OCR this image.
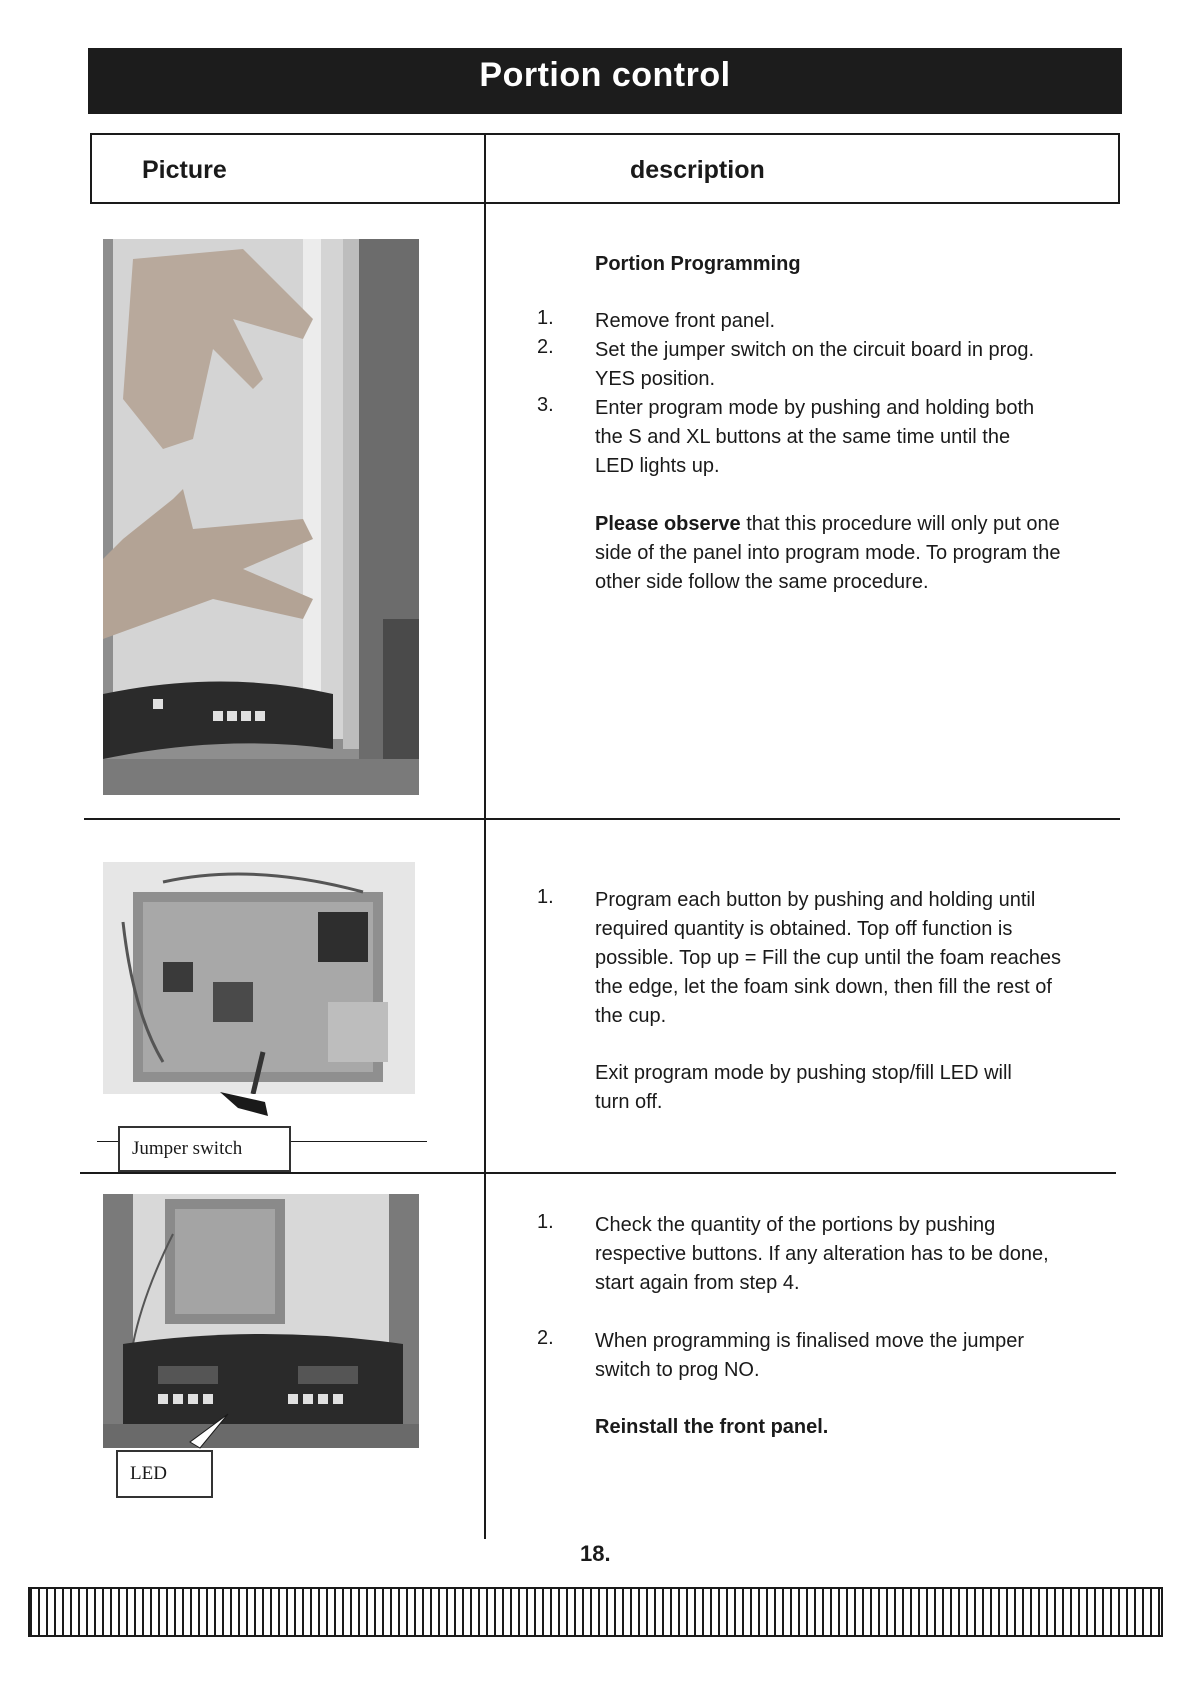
Portion control
Picture	description
Jumper switch
LED
Portion Programming
1. Remove front panel.
2. Set the jumper switch on the circuit board in prog.
YES position.
3. Enter program mode by pushing and holding both
the S and XL buttons at the same time until the
LED lights up.
Please observe that this procedure will only put one
side of the panel into program mode. To program the
other side follow the same procedure.
1. Program each button by pushing and holding until
required quantity is obtained. Top off function is
possible. Top up = Fill the cup until the foam reaches
the edge, let the foam sink down, then fill the rest of
the cup.
Exit program mode by pushing stop/fill LED will
turn off.
1. Check the quantity of the portions by pushing
respective buttons. If any alteration has to be done,
start again from step 4.
2. When programming is finalised move the jumper
switch to prog NO.
Reinstall the front panel.
18.
